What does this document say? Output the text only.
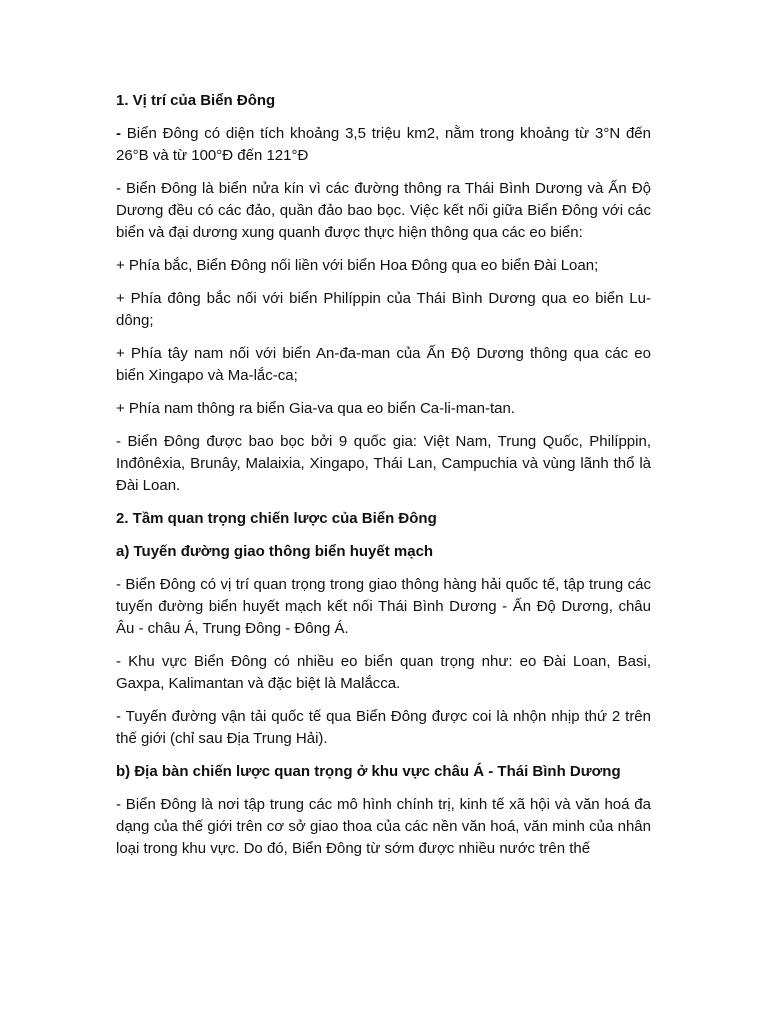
1. Vị trí của Biển Đông

- Biển Đông có diện tích khoảng 3,5 triệu km2, nằm trong khoảng từ 3°N đến 26°B và từ 100°Đ đến 121°Đ

- Biển Đông là biển nửa kín vì các đường thông ra Thái Bình Dương và Ấn Độ Dương đều có các đảo, quần đảo bao bọc. Việc kết nối giữa Biển Đông với các biển và đại dương xung quanh được thực hiện thông qua các eo biển:

+ Phía bắc, Biển Đông nối liền với biển Hoa Đông qua eo biển Đài Loan;

+ Phía đông bắc nối với biển Philíppin của Thái Bình Dương qua eo biển Lu-dông;

+ Phía tây nam nối với biển An-đa-man của Ấn Độ Dương thông qua các eo biển Xingapo và Ma-lắc-ca;

+ Phía nam thông ra biển Gia-va qua eo biển Ca-li-man-tan.

- Biển Đông được bao bọc bởi 9 quốc gia: Việt Nam, Trung Quốc, Philíppin, Inđônêxia, Brunây, Malaixia, Xingapo, Thái Lan, Campuchia và vùng lãnh thổ là Đài Loan.

2. Tầm quan trọng chiến lược của Biển Đông

a) Tuyến đường giao thông biển huyết mạch

- Biển Đông có vị trí quan trọng trong giao thông hàng hải quốc tế, tập trung các tuyến đường biển huyết mạch kết nối Thái Bình Dương - Ấn Độ Dương, châu Âu - châu Á, Trung Đông - Đông Á.

- Khu vực Biển Đông có nhiều eo biển quan trọng như: eo Đài Loan, Basi, Gaxpa, Kalimantan và đặc biệt là Malắcca.

- Tuyến đường vận tải quốc tế qua Biển Đông được coi là nhộn nhịp thứ 2 trên thế giới (chỉ sau Địa Trung Hải).

b) Địa bàn chiến lược quan trọng ở khu vực châu Á - Thái Bình Dương

- Biển Đông là nơi tập trung các mô hình chính trị, kinh tế xã hội và văn hoá đa dạng của thế giới trên cơ sở giao thoa của các nền văn hoá, văn minh của nhân loại trong khu vực. Do đó, Biển Đông từ sớm được nhiều nước trên thế
